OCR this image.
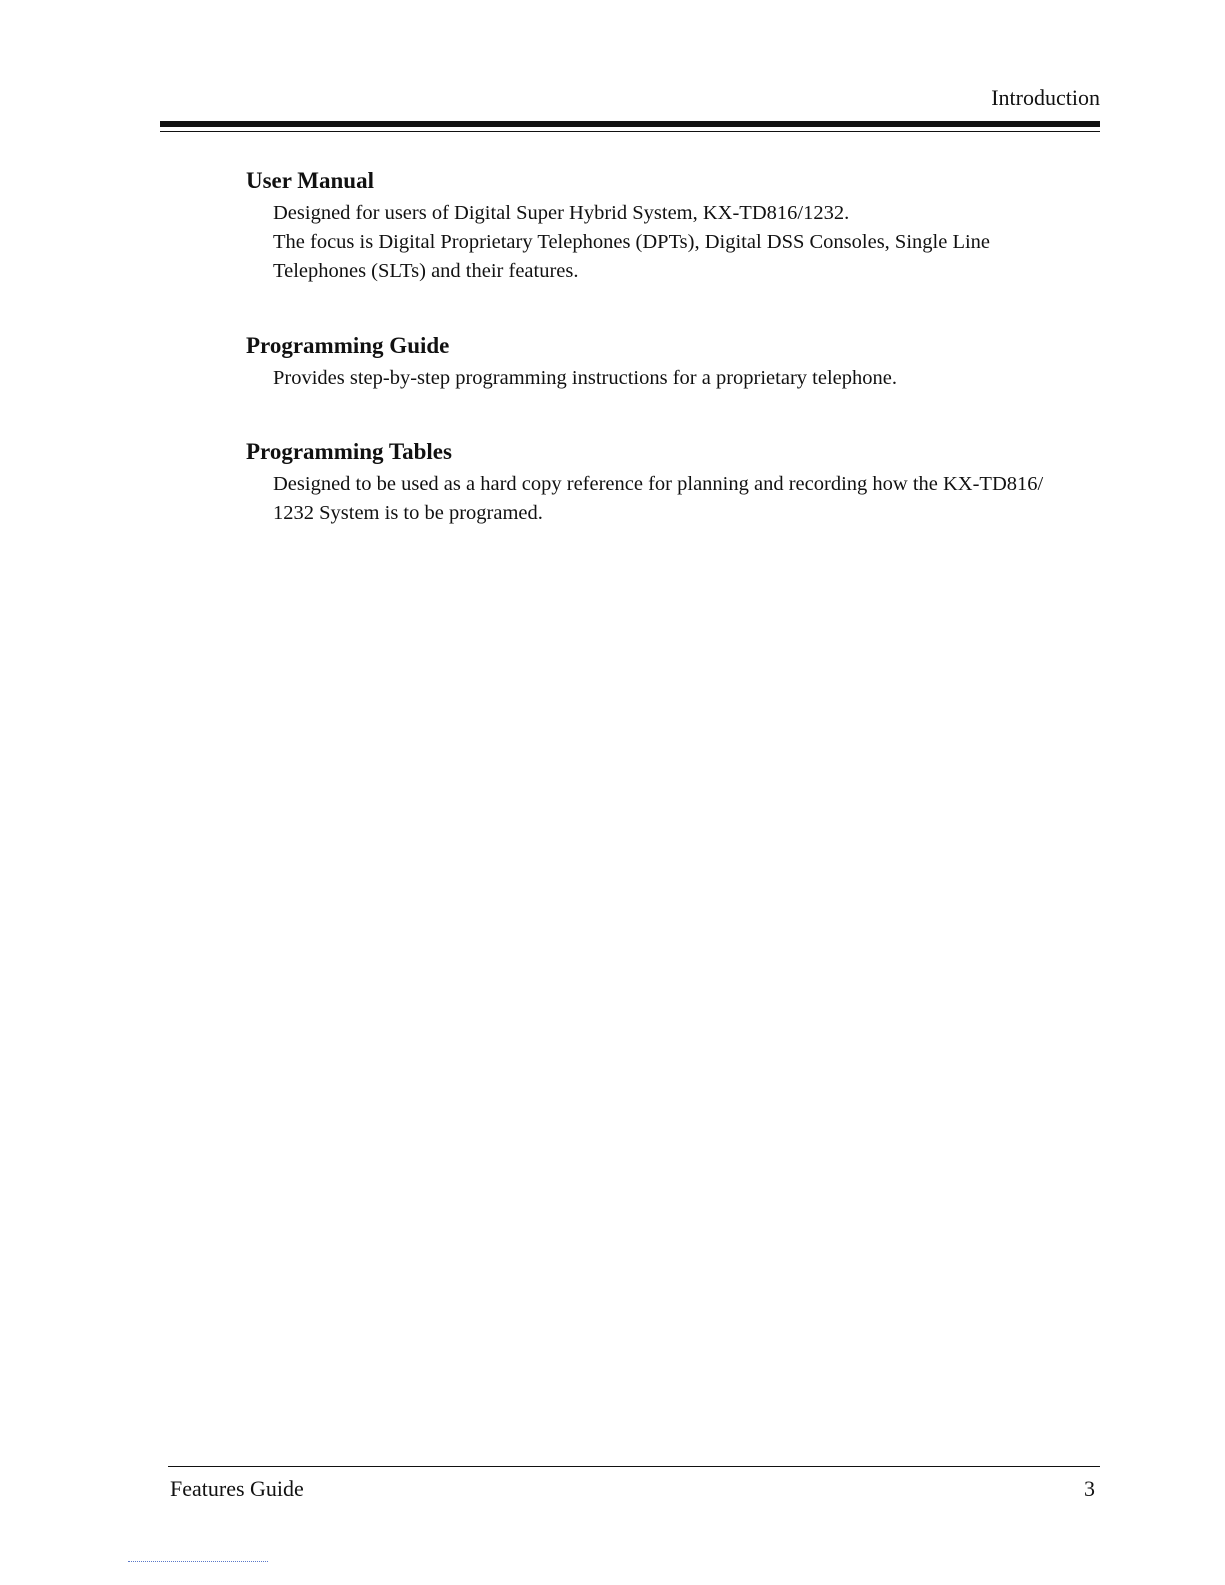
Introduction
User Manual

Designed for users of Digital Super Hybrid System, KX-TD816/1232.

The focus is Digital Proprietary Telephones (DPTs), Digital DSS Consoles, Single Line

Telephones (SLTs) and their features.

Programming Guide

Provides step-by-step programming instructions for a proprietary telephone.

Programming Tables

Designed to be used as a hard copy reference for planning and recording how the KX-TD816/

1232 System is to be programed.

Features Guide	3
